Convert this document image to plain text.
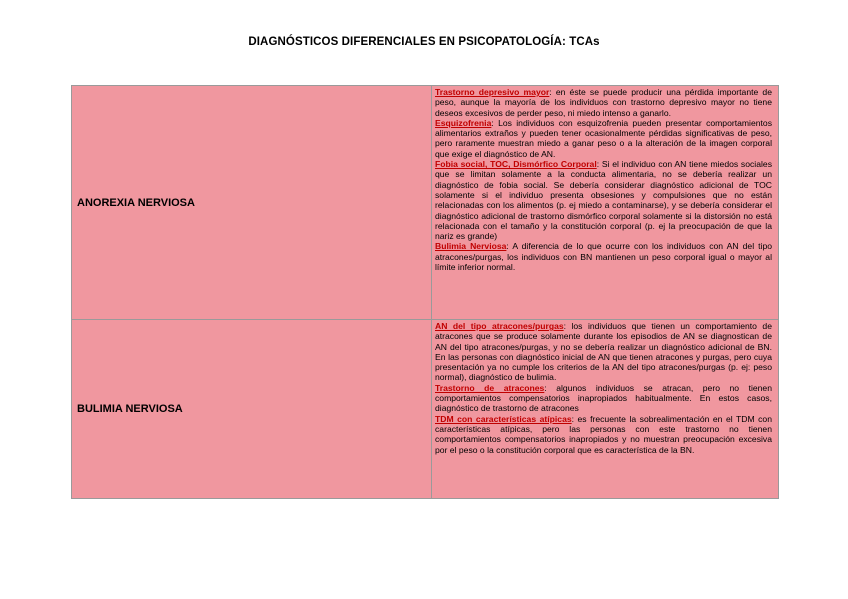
DIAGNÓSTICOS DIFERENCIALES EN PSICOPATOLOGÍA: TCAs
ANOREXIA NERVIOSA	Trastorno depresivo mayor: en éste se puede producir una pérdida importante de peso, aunque la mayoría de los individuos con trastorno depresivo mayor no tiene deseos excesivos de perder peso, ni miedo intenso a ganarlo.
Esquizofrenia: Los individuos con esquizofrenia pueden presentar comportamientos alimentarios extraños y pueden tener ocasionalmente pérdidas significativas de peso, pero raramente muestran miedo a ganar peso o a la alteración de la imagen corporal que exige el diagnóstico de AN.
Fobia social, TOC, Dismórfico Corporal: Si el individuo con AN tiene miedos sociales que se limitan solamente a la conducta alimentaria, no se debería realizar un diagnóstico de fobia social. Se debería considerar diagnóstico adicional de TOC solamente si el individuo presenta obsesiones y compulsiones que no están relacionadas con los alimentos (p. ej miedo a contaminarse), y se debería considerar el diagnóstico adicional de trastorno dismórfico corporal solamente si la distorsión no está relacionada con el tamaño y la constitución corporal (p. ej la preocupación de que la nariz es grande)
Bulimia Nerviosa: A diferencia de lo que ocurre con los individuos con AN del tipo atracones/purgas, los individuos con BN mantienen un peso corporal igual o mayor al límite inferior normal.

BULIMIA NERVIOSA	AN del tipo atracones/purgas: los individuos que tienen un comportamiento de atracones que se produce solamente durante los episodios de AN se diagnostican de AN del tipo atracones/purgas, y no se debería realizar un diagnóstico adicional de BN. En las personas con diagnóstico inicial de AN que tienen atracones y purgas, pero cuya presentación ya no cumple los criterios de la AN del tipo atracones/purgas (p. ej: peso normal), diagnóstico de bulimia.
Trastorno de atracones: algunos individuos se atracan, pero no tienen comportamientos compensatorios inapropiados habitualmente. En estos casos, diagnóstico de trastorno de atracones
TDM con características atípicas: es frecuente la sobrealimentación en el TDM con características atípicas, pero las personas con este trastorno no tienen comportamientos compensatorios inapropiados y no muestran preocupación excesiva por el peso o la constitución corporal que es característica de la BN.
